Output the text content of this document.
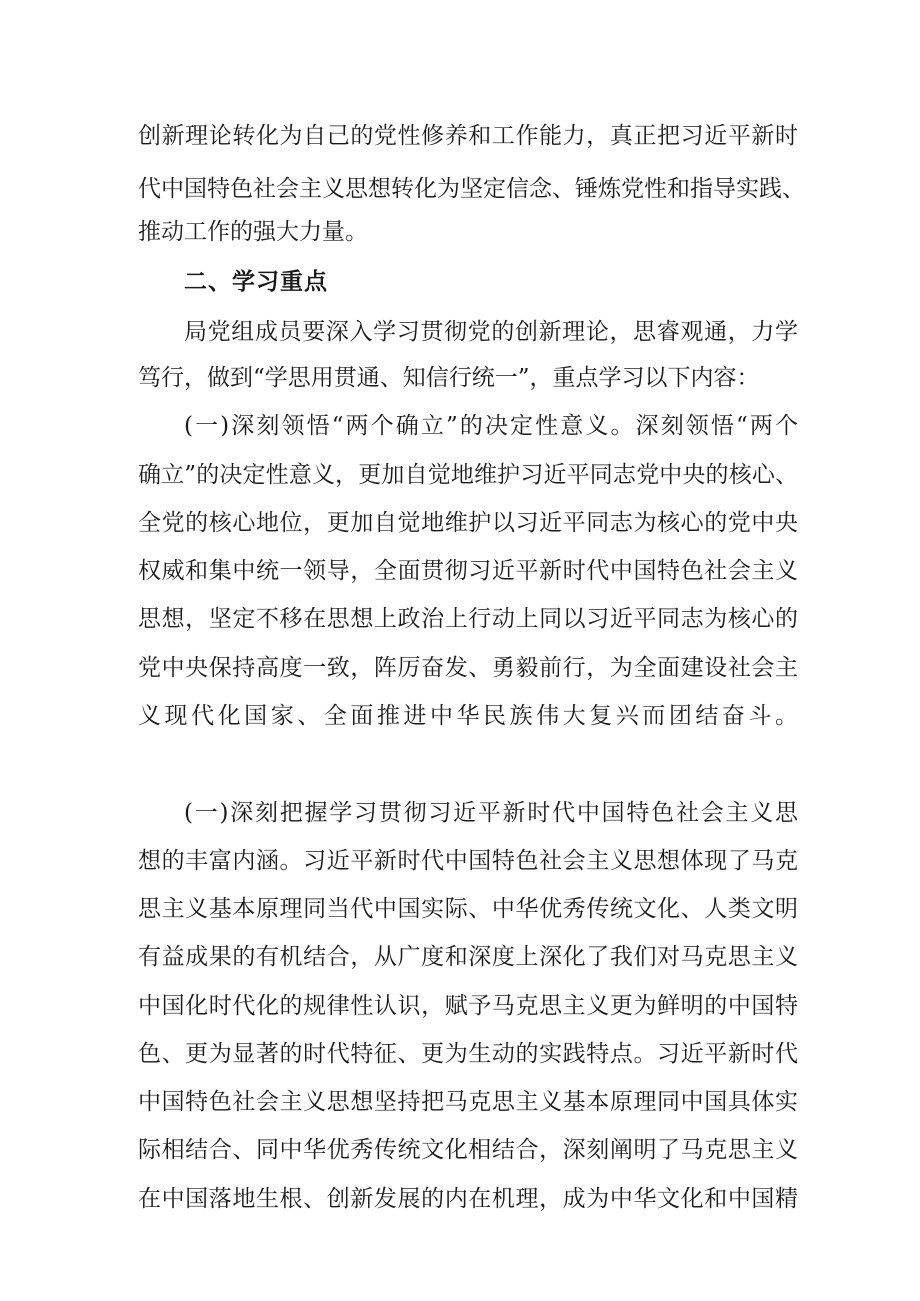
创新理论转化为自己的党性修养和工作能力，真正把习近平新时
代中国特色社会主义思想转化为坚定信念、锤炼党性和指导实践、
推动工作的强大力量。
二、学习重点
局党组成员要深入学习贯彻党的创新理论，思睿观通，力学
笃行，做到“学思用贯通、知信行统一”，重点学习以下内容：
(一)深刻领悟“两个确立”的决定性意义。深刻领悟“两个
确立”的决定性意义，更加自觉地维护习近平同志党中央的核心、
全党的核心地位，更加自觉地维护以习近平同志为核心的党中央
权威和集中统一领导，全面贯彻习近平新时代中国特色社会主义
思想，坚定不移在思想上政治上行动上同以习近平同志为核心的
党中央保持高度一致，阵厉奋发、勇毅前行，为全面建设社会主
义现代化国家、全面推进中华民族伟大复兴而团结奋斗。
(一)深刻把握学习贯彻习近平新时代中国特色社会主义思
想的丰富内涵。习近平新时代中国特色社会主义思想体现了马克
思主义基本原理同当代中国实际、中华优秀传统文化、人类文明
有益成果的有机结合，从广度和深度上深化了我们对马克思主义
中国化时代化的规律性认识，赋予马克思主义更为鲜明的中国特
色、更为显著的时代特征、更为生动的实践特点。习近平新时代
中国特色社会主义思想坚持把马克思主义基本原理同中国具体实
际相结合、同中华优秀传统文化相结合，深刻阐明了马克思主义
在中国落地生根、创新发展的内在机理，成为中华文化和中国精
